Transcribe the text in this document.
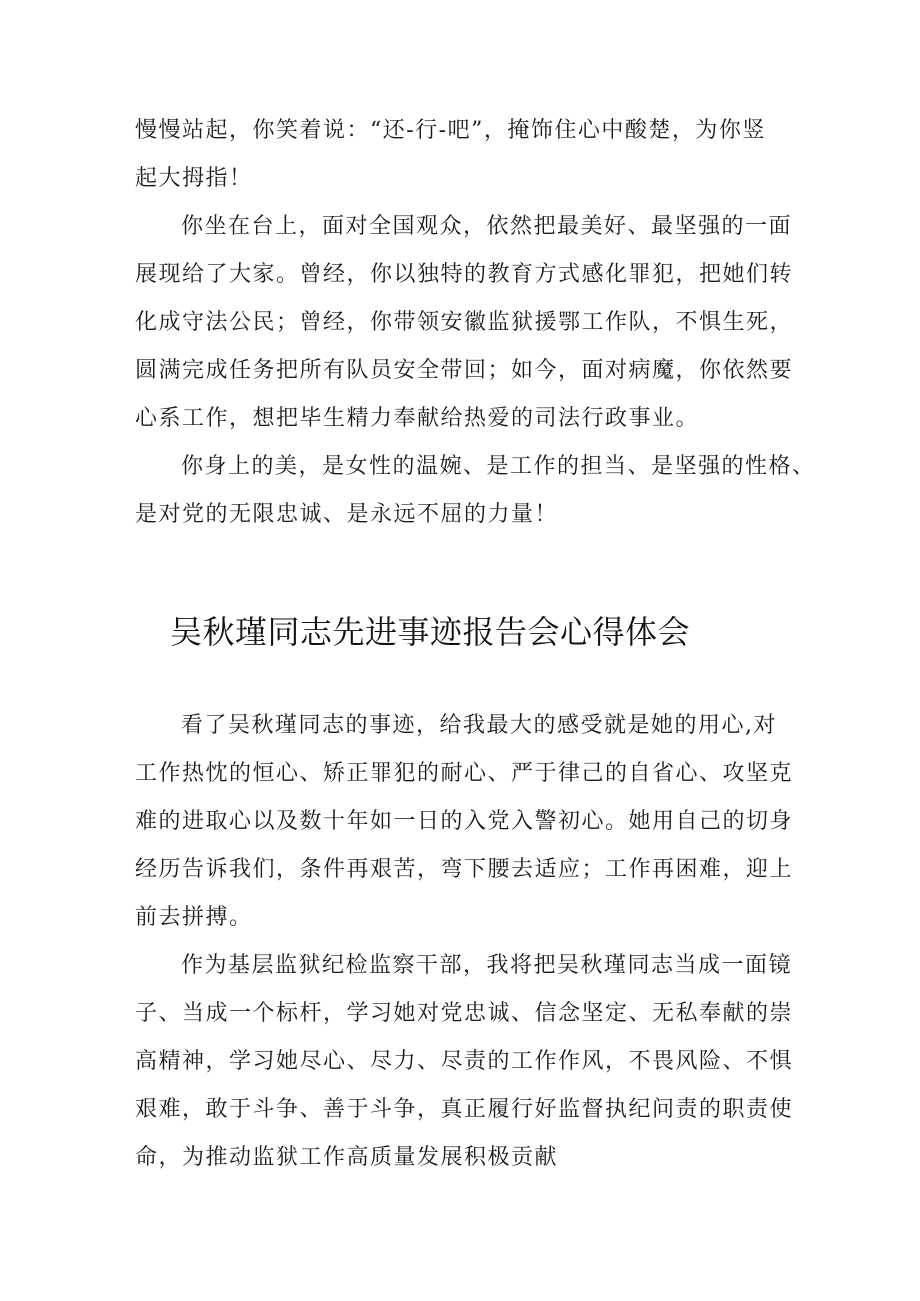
慢慢站起，你笑着说：“还-行-吧”，掩饰住心中酸楚，为你竖
起大拇指！
你坐在台上，面对全国观众，依然把最美好、最坚强的一面
展现给了大家。曾经，你以独特的教育方式感化罪犯，把她们转
化成守法公民；曾经，你带领安徽监狱援鄂工作队，不惧生死，
圆满完成任务把所有队员安全带回；如今，面对病魔，你依然要
心系工作，想把毕生精力奉献给热爱的司法行政事业。
你身上的美，是女性的温婉、是工作的担当、是坚强的性格、
是对党的无限忠诚、是永远不屈的力量！
吴秋瑾同志先进事迹报告会心得体会
看了吴秋瑾同志的事迹，给我最大的感受就是她的用心,对
工作热忱的恒心、矫正罪犯的耐心、严于律己的自省心、攻坚克
难的进取心以及数十年如一日的入党入警初心。她用自己的切身
经历告诉我们，条件再艰苦，弯下腰去适应；工作再困难，迎上
前去拼搏。
作为基层监狱纪检监察干部，我将把吴秋瑾同志当成一面镜
子、当成一个标杆，学习她对党忠诚、信念坚定、无私奉献的崇
高精神，学习她尽心、尽力、尽责的工作作风，不畏风险、不惧
艰难，敢于斗争、善于斗争，真正履行好监督执纪问责的职责使
命，为推动监狱工作高质量发展积极贡献
